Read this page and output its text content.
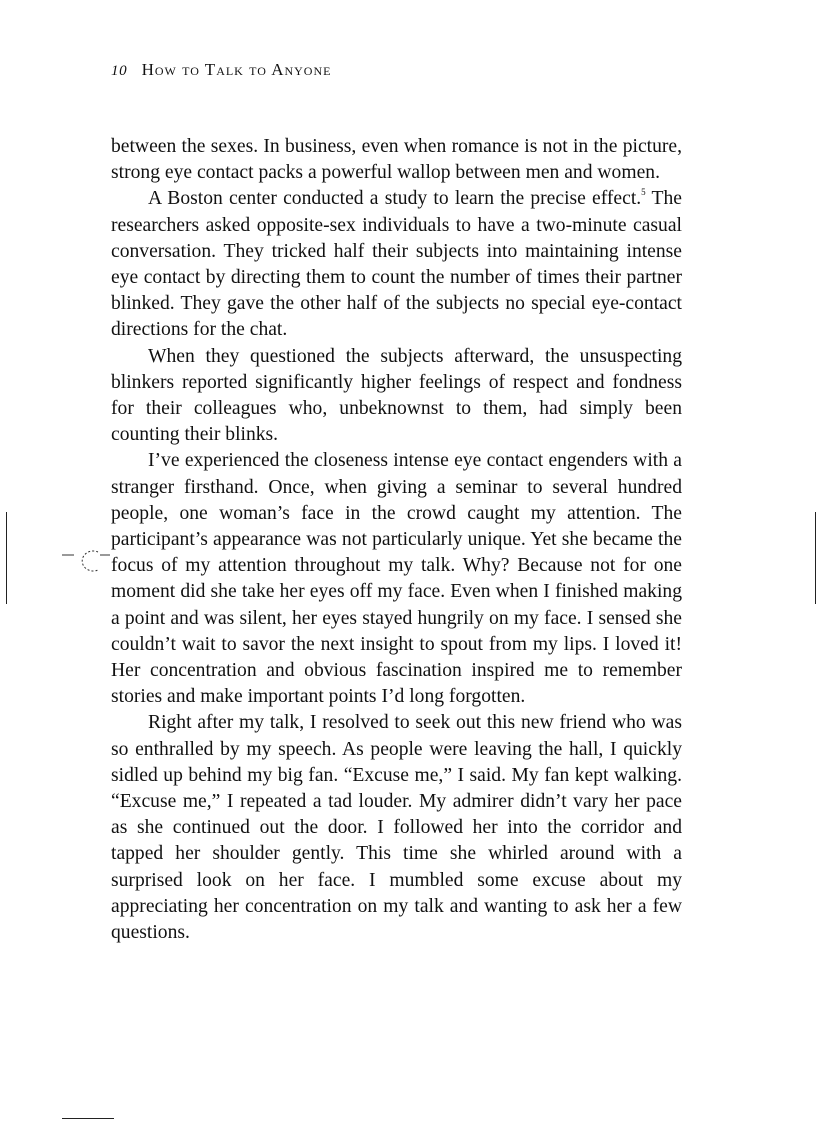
10 How to Talk to Anyone

between the sexes. In business, even when romance is not in the picture, strong eye contact packs a powerful wallop between men and women.

A Boston center conducted a study to learn the precise effect.$^5$ The researchers asked opposite-sex individuals to have a two-minute casual conversation. They tricked half their subjects into maintaining intense eye contact by directing them to count the number of times their partner blinked. They gave the other half of the subjects no special eye-contact directions for the chat.

When they questioned the subjects afterward, the unsuspecting blinkers reported significantly higher feelings of respect and fondness for their colleagues who, unbeknownst to them, had simply been counting their blinks.

I’ve experienced the closeness intense eye contact engenders with a stranger firsthand. Once, when giving a seminar to several hundred people, one woman’s face in the crowd caught my attention. The participant’s appearance was not particularly unique. Yet she became the focus of my attention throughout my talk. Why? Because not for one moment did she take her eyes off my face. Even when I finished making a point and was silent, her eyes stayed hungrily on my face. I sensed she couldn’t wait to savor the next insight to spout from my lips. I loved it! Her concentration and obvious fascination inspired me to remember stories and make important points I’d long forgotten.

Right after my talk, I resolved to seek out this new friend who was so enthralled by my speech. As people were leaving the hall, I quickly sidled up behind my big fan. “Excuse me,” I said. My fan kept walking. “Excuse me,” I repeated a tad louder. My admirer didn’t vary her pace as she continued out the door. I followed her into the corridor and tapped her shoulder gently. This time she whirled around with a surprised look on her face. I mumbled some excuse about my appreciating her concentration on my talk and wanting to ask her a few questions.
